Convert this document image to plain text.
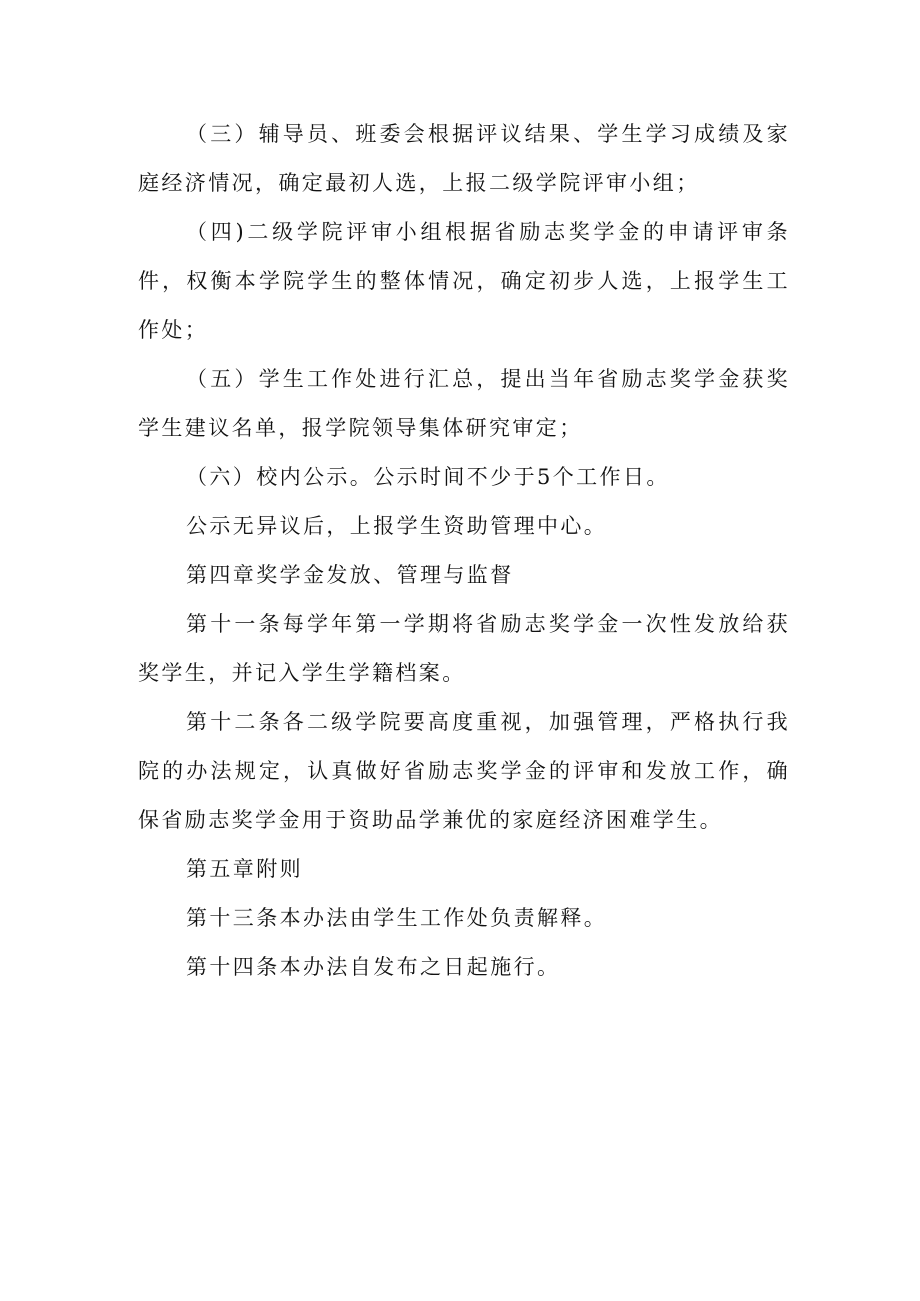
（三）辅导员、班委会根据评议结果、学生学习成绩及家庭经济情况，确定最初人选，上报二级学院评审小组；

（四)二级学院评审小组根据省励志奖学金的申请评审条件，权衡本学院学生的整体情况，确定初步人选，上报学生工作处；

（五）学生工作处进行汇总，提出当年省励志奖学金获奖学生建议名单，报学院领导集体研究审定；

（六）校内公示。公示时间不少于5个工作日。

公示无异议后，上报学生资助管理中心。

第四章奖学金发放、管理与监督

第十一条每学年第一学期将省励志奖学金一次性发放给获奖学生，并记入学生学籍档案。

第十二条各二级学院要高度重视，加强管理，严格执行我院的办法规定，认真做好省励志奖学金的评审和发放工作，确保省励志奖学金用于资助品学兼优的家庭经济困难学生。

第五章附则

第十三条本办法由学生工作处负责解释。

第十四条本办法自发布之日起施行。
